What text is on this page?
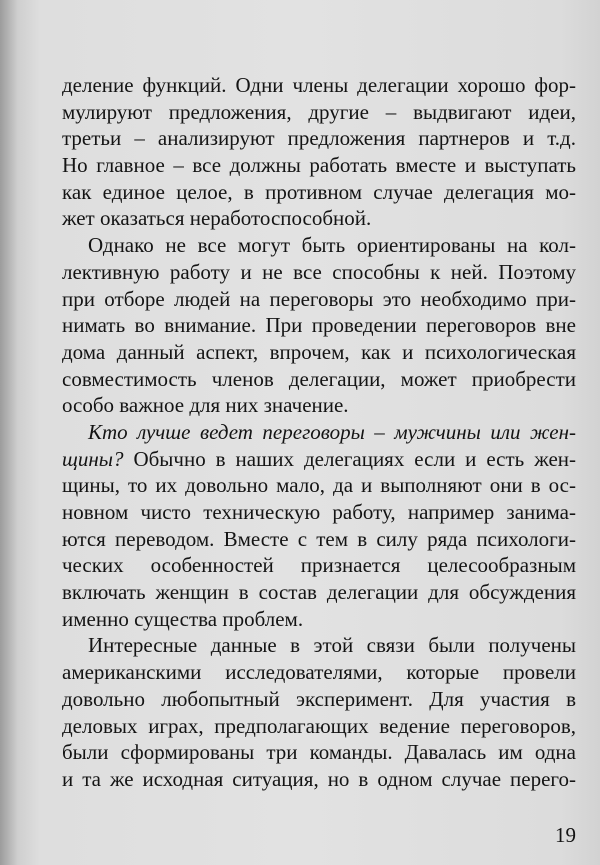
деление функций. Одни члены делегации хорошо фор-
мулируют предложения, другие – выдвигают идеи,
третьи – анализируют предложения партнеров и т.д.
Но главное – все должны работать вместе и выступать
как единое целое, в противном случае делегация мо-
жет оказаться неработоспособной.
Однако не все могут быть ориентированы на кол-
лективную работу и не все способны к ней. Поэтому
при отборе людей на переговоры это необходимо при-
нимать во внимание. При проведении переговоров вне
дома данный аспект, впрочем, как и психологическая
совместимость членов делегации, может приобрести
особо важное для них значение.
Кто лучше ведет переговоры – мужчины или жен-
щины? Обычно в наших делегациях если и есть жен-
щины, то их довольно мало, да и выполняют они в ос-
новном чисто техническую работу, например занима-
ются переводом. Вместе с тем в силу ряда психологи-
ческих особенностей признается целесообразным
включать женщин в состав делегации для обсуждения
именно существа проблем.
Интересные данные в этой связи были получены
американскими исследователями, которые провели
довольно любопытный эксперимент. Для участия в
деловых играх, предполагающих ведение переговоров,
были сформированы три команды. Давалась им одна
и та же исходная ситуация, но в одном случае перего-
19
